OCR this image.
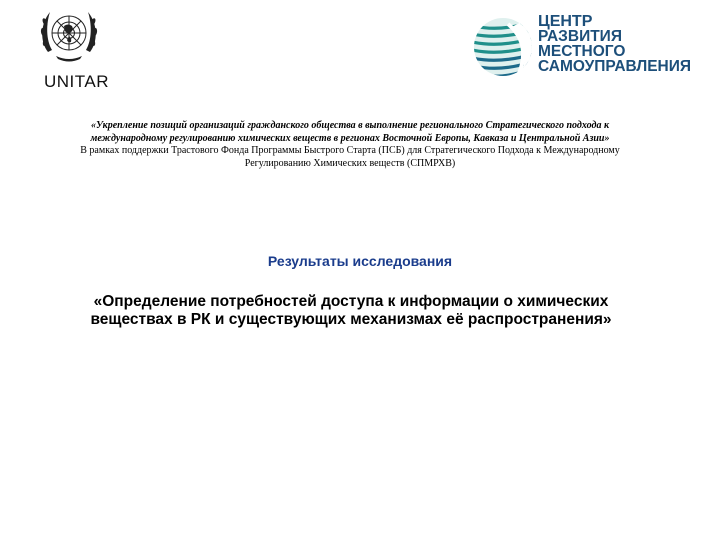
UNITAR
ЦЕНТР
РАЗВИТИЯ
МЕСТНОГО
САМОУПРАВЛЕНИЯ
«Укрепление позиций организаций гражданского общества в выполнение регионального Стратегического подхода к международному регулированию химических веществ в регионах Восточной Европы, Кавказа и Центральной Азии»
В рамках поддержки Трастового Фонда Программы Быстрого Старта (ПСБ) для Стратегического Подхода к Международному Регулированию Химических веществ (СПМРХВ)
Результаты исследования
«Определение потребностей доступа к информации о химических веществах в РК и существующих механизмах её распространения»
